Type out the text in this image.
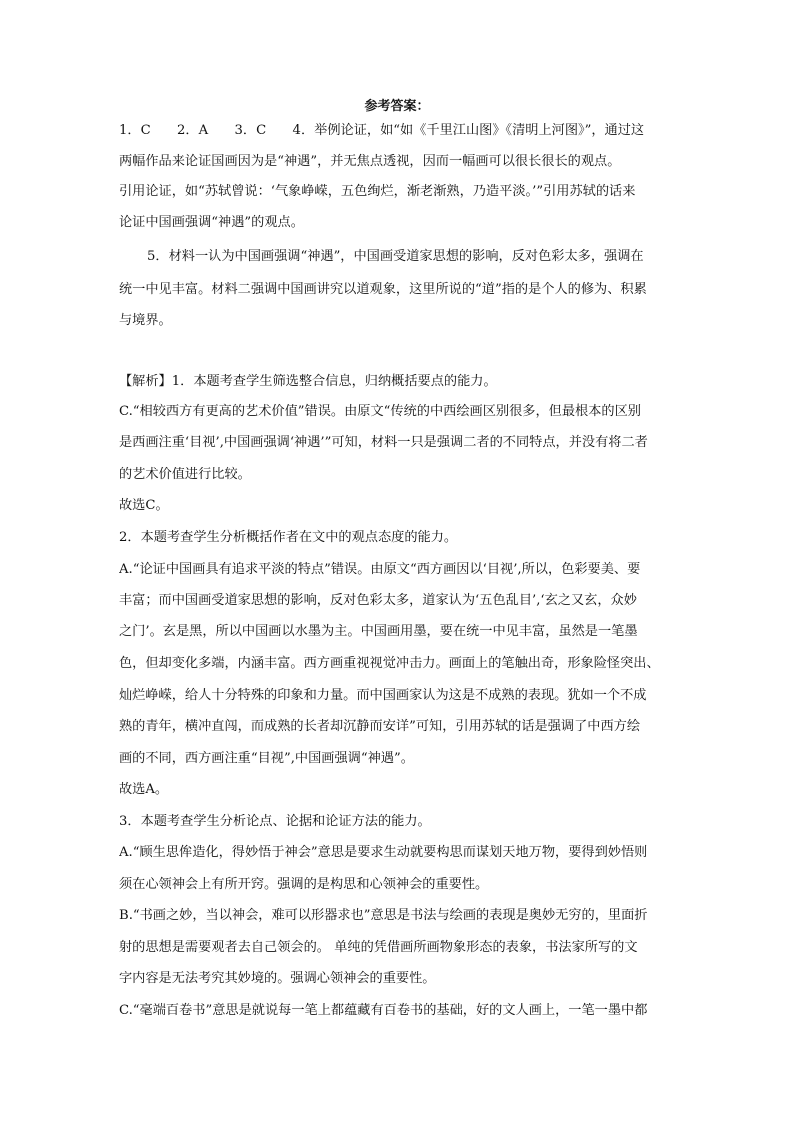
参考答案：
1．C　　2．A　　3．C　　4．举例论证，如“如《千里江山图》《清明上河图》”，通过这
两幅作品来论证国画因为是“神遇”，并无焦点透视，因而一幅画可以很长很长的观点。
引用论证，如“苏轼曾说：‘气象峥嵘，五色绚烂，渐老渐熟，乃造平淡。’”引用苏轼的话来
论证中国画强调“神遇”的观点。
5．材料一认为中国画强调“神遇”，中国画受道家思想的影响，反对色彩太多，强调在
统一中见丰富。材料二强调中国画讲究以道观象，这里所说的“道”指的是个人的修为、积累
与境界。
【解析】1．本题考查学生筛选整合信息，归纳概括要点的能力。
C.“相较西方有更高的艺术价值”错误。由原文“传统的中西绘画区别很多，但最根本的区别
是西画注重‘目视’,中国画强调‘神遇’”可知，材料一只是强调二者的不同特点，并没有将二者
的艺术价值进行比较。
故选C。
2．本题考查学生分析概括作者在文中的观点态度的能力。
A.“论证中国画具有追求平淡的特点”错误。由原文“西方画因以‘目视’,所以，色彩要美、要
丰富；而中国画受道家思想的影响，反对色彩太多，道家认为‘五色乱目’,‘玄之又玄，众妙
之门’。玄是黑，所以中国画以水墨为主。中国画用墨，要在统一中见丰富，虽然是一笔墨
色，但却变化多端，内涵丰富。西方画重视视觉冲击力。画面上的笔触出奇，形象险怪突出、
灿烂峥嵘，给人十分特殊的印象和力量。而中国画家认为这是不成熟的表现。犹如一个不成
熟的青年，横冲直闯，而成熟的长者却沉静而安详”可知，引用苏轼的话是强调了中西方绘
画的不同，西方画注重“目视”,中国画强调“神遇”。
故选A。
3．本题考查学生分析论点、论据和论证方法的能力。
A.“顾生思侔造化，得妙悟于神会”意思是要求生动就要构思而谋划天地万物，要得到妙悟则
须在心领神会上有所开窍。强调的是构思和心领神会的重要性。
B.“书画之妙，当以神会，难可以形器求也”意思是书法与绘画的表现是奥妙无穷的，里面折
射的思想是需要观者去自己领会的。 单纯的凭借画所画物象形态的表象，书法家所写的文
字内容是无法考究其妙境的。强调心领神会的重要性。
C.“毫端百卷书”意思是就说每一笔上都蕴藏有百卷书的基础，好的文人画上，一笔一墨中都
